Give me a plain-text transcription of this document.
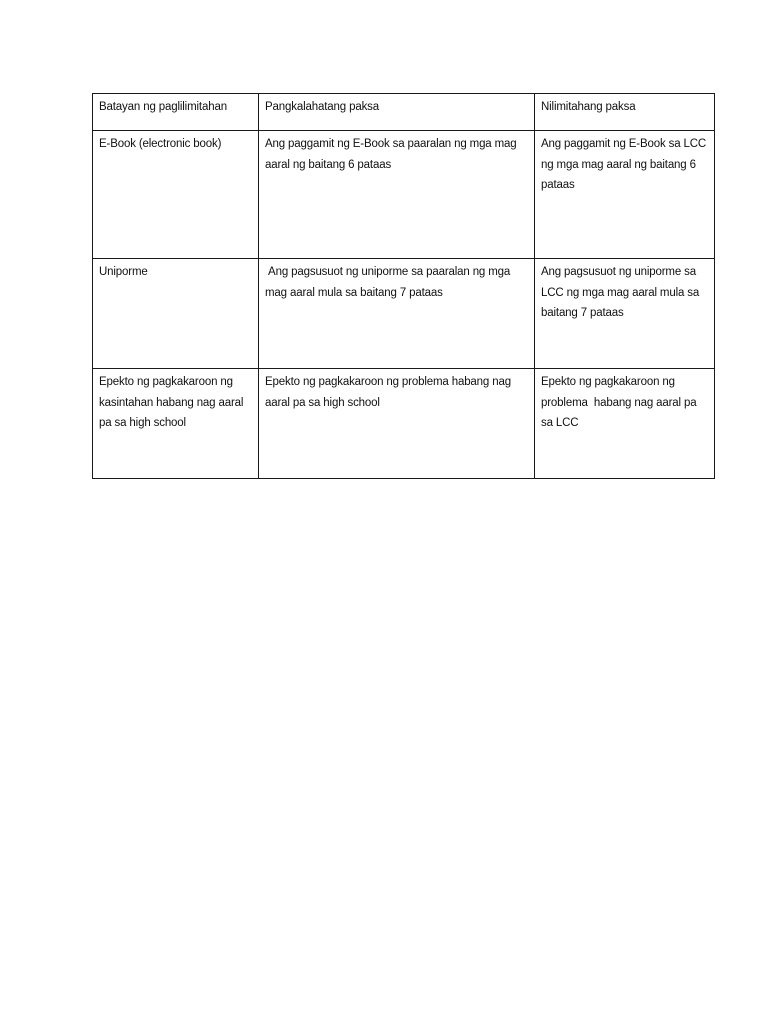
Batayan ng paglilimitahan	Pangkalahatang paksa	Nilimitahang paksa
E-Book (electronic book)	Ang paggamit ng E-Book sa paaralan ng mga mag aaral ng baitang 6 pataas	Ang paggamit ng E-Book sa LCC  ng mga mag aaral ng baitang 6 pataas
Uniporme	Ang pagsusuot ng uniporme sa paaralan ng mga mag aaral mula sa baitang 7 pataas	Ang pagsusuot ng uniporme sa LCC ng mga mag aaral mula sa baitang 7 pataas
Epekto ng pagkakaroon ng kasintahan habang nag aaral pa sa high school	Epekto ng pagkakaroon ng problema habang nag aaral pa sa high school	Epekto ng pagkakaroon ng problema  habang nag aaral pa sa LCC
